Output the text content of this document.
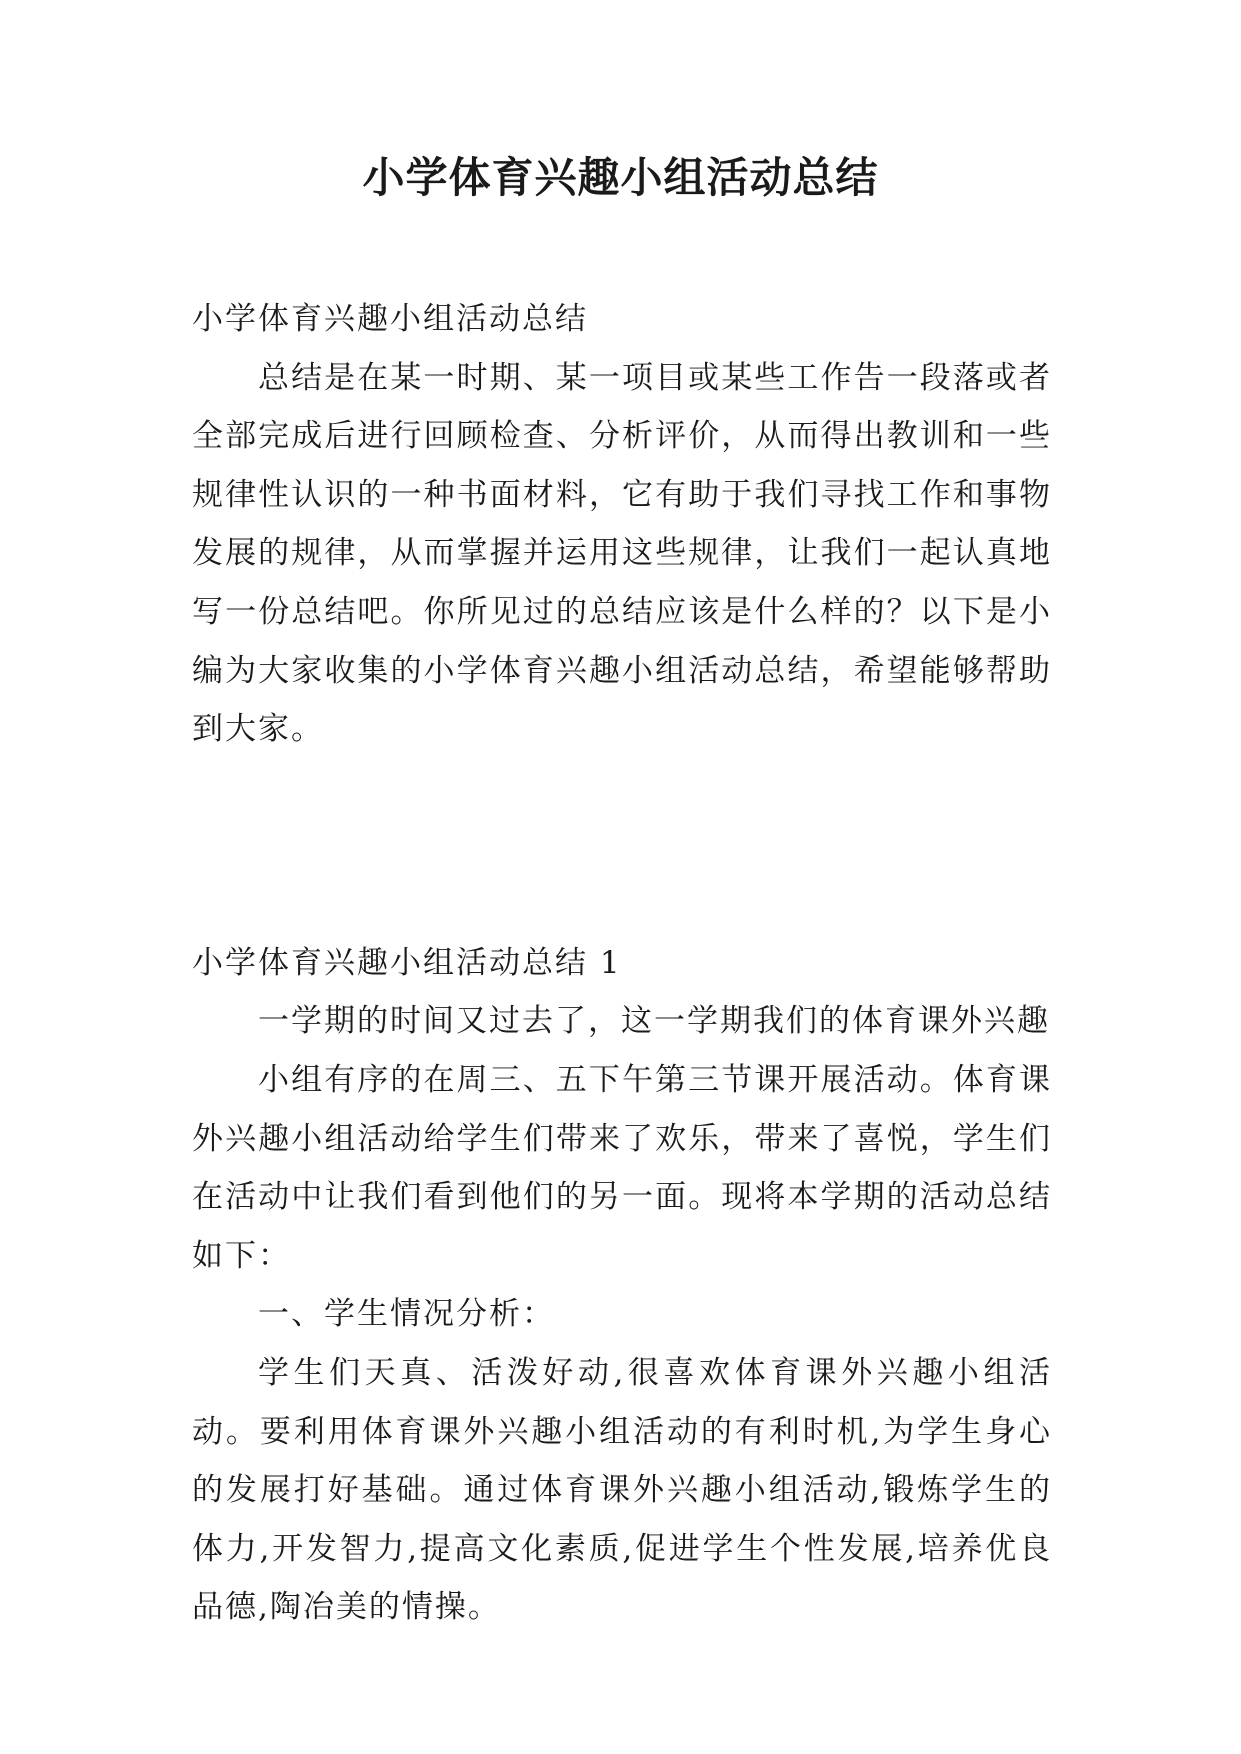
小学体育兴趣小组活动总结

小学体育兴趣小组活动总结

总结是在某一时期、某一项目或某些工作告一段落或者全部完成后进行回顾检查、分析评价，从而得出教训和一些规律性认识的一种书面材料，它有助于我们寻找工作和事物发展的规律，从而掌握并运用这些规律，让我们一起认真地写一份总结吧。你所见过的总结应该是什么样的？以下是小编为大家收集的小学体育兴趣小组活动总结，希望能够帮助到大家。

小学体育兴趣小组活动总结 1

一学期的时间又过去了，这一学期我们的体育课外兴趣

小组有序的在周三、五下午第三节课开展活动。体育课外兴趣小组活动给学生们带来了欢乐，带来了喜悦，学生们在活动中让我们看到他们的另一面。现将本学期的活动总结如下：

一、学生情况分析：

学生们天真、活泼好动,很喜欢体育课外兴趣小组活动。要利用体育课外兴趣小组活动的有利时机,为学生身心的发展打好基础。通过体育课外兴趣小组活动,锻炼学生的体力,开发智力,提高文化素质,促进学生个性发展,培养优良品德,陶冶美的情操。
